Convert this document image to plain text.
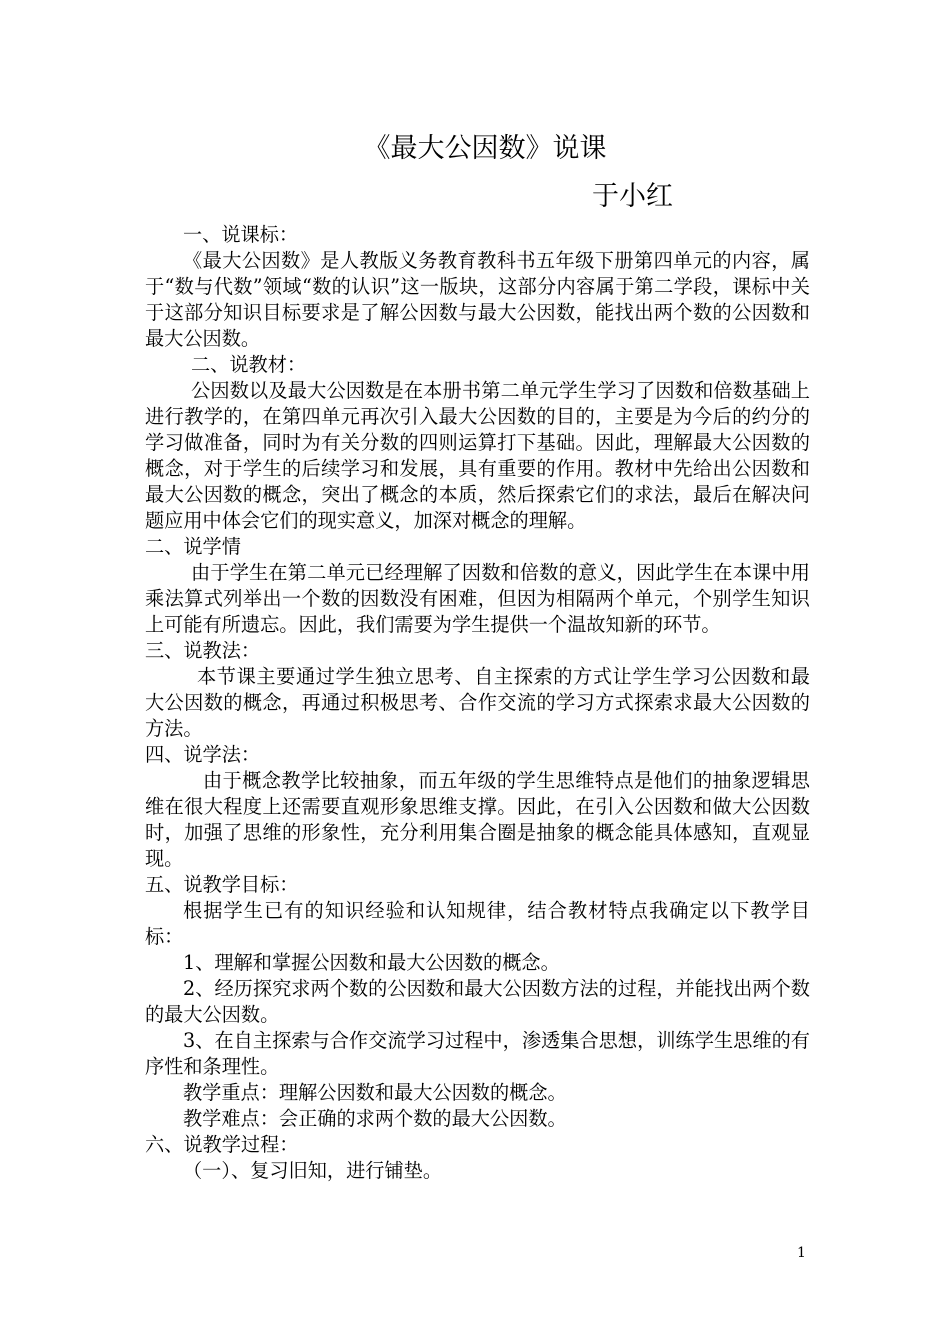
《最大公因数》说课
于小红

一、说课标：

《最大公因数》是人教版义务教育教科书五年级下册第四单元的内容，属于“数与代数”领域“数的认识”这一版块，这部分内容属于第二学段，课标中关于这部分知识目标要求是了解公因数与最大公因数，能找出两个数的公因数和最大公因数。

二、说教材：

公因数以及最大公因数是在本册书第二单元学生学习了因数和倍数基础上进行教学的，在第四单元再次引入最大公因数的目的，主要是为今后的约分的学习做准备，同时为有关分数的四则运算打下基础。因此，理解最大公因数的概念，对于学生的后续学习和发展，具有重要的作用。教材中先给出公因数和最大公因数的概念，突出了概念的本质，然后探索它们的求法，最后在解决问题应用中体会它们的现实意义，加深对概念的理解。

二、说学情

由于学生在第二单元已经理解了因数和倍数的意义，因此学生在本课中用乘法算式列举出一个数的因数没有困难，但因为相隔两个单元，个别学生知识上可能有所遗忘。因此，我们需要为学生提供一个温故知新的环节。

三、说教法：

本节课主要通过学生独立思考、自主探索的方式让学生学习公因数和最大公因数的概念，再通过积极思考、合作交流的学习方式探索求最大公因数的方法。

四、说学法：

由于概念教学比较抽象，而五年级的学生思维特点是他们的抽象逻辑思维在很大程度上还需要直观形象思维支撑。因此，在引入公因数和做大公因数时，加强了思维的形象性，充分利用集合圈是抽象的概念能具体感知，直观显现。

五、说教学目标：

根据学生已有的知识经验和认知规律，结合教材特点我确定以下教学目标：

1、理解和掌握公因数和最大公因数的概念。

2、经历探究求两个数的公因数和最大公因数方法的过程，并能找出两个数的最大公因数。

3、在自主探索与合作交流学习过程中，渗透集合思想，训练学生思维的有序性和条理性。

教学重点：理解公因数和最大公因数的概念。

教学难点：会正确的求两个数的最大公因数。

六、说教学过程：

（一）、复习旧知，进行铺垫。

1
